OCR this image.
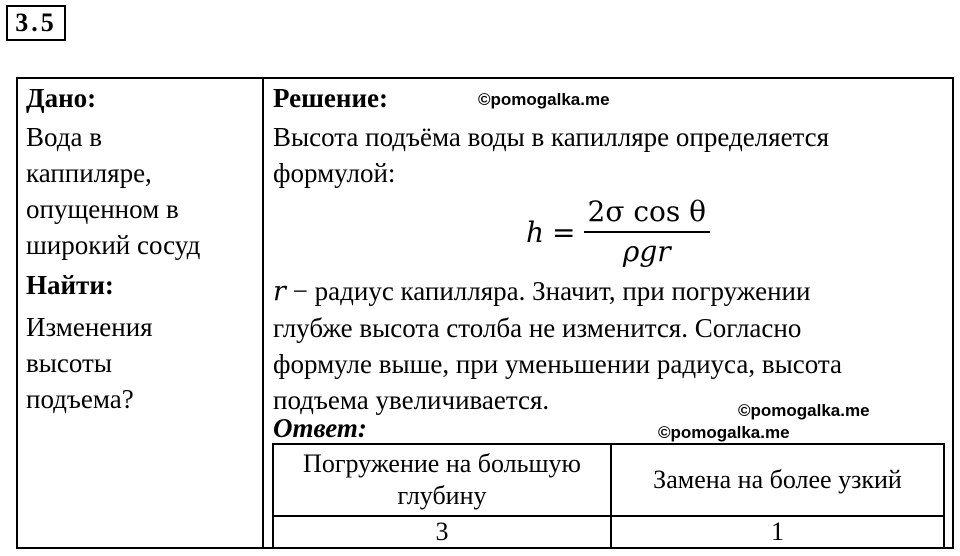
3.5
Дано:
Вода в
каппиляре,
опущенном в
широкий сосуд
Найти:
Изменения
высоты
подъема?
Решение:
Высота подъёма воды в капилляре определяется
формулой:
r − радиус капилляра. Значит, при погружении
глубже высота столба не изменится. Согласно
формуле выше, при уменьшении радиуса, высота
подъема увеличивается.
$h = \frac{\text{2σ cos θ}}{\text{ρgr}}$
©pomogalka.me
©pomogalka.me
©pomogalka.me
Ответ:
Погружение на большую глубину	Замена на более узкий
3	1
